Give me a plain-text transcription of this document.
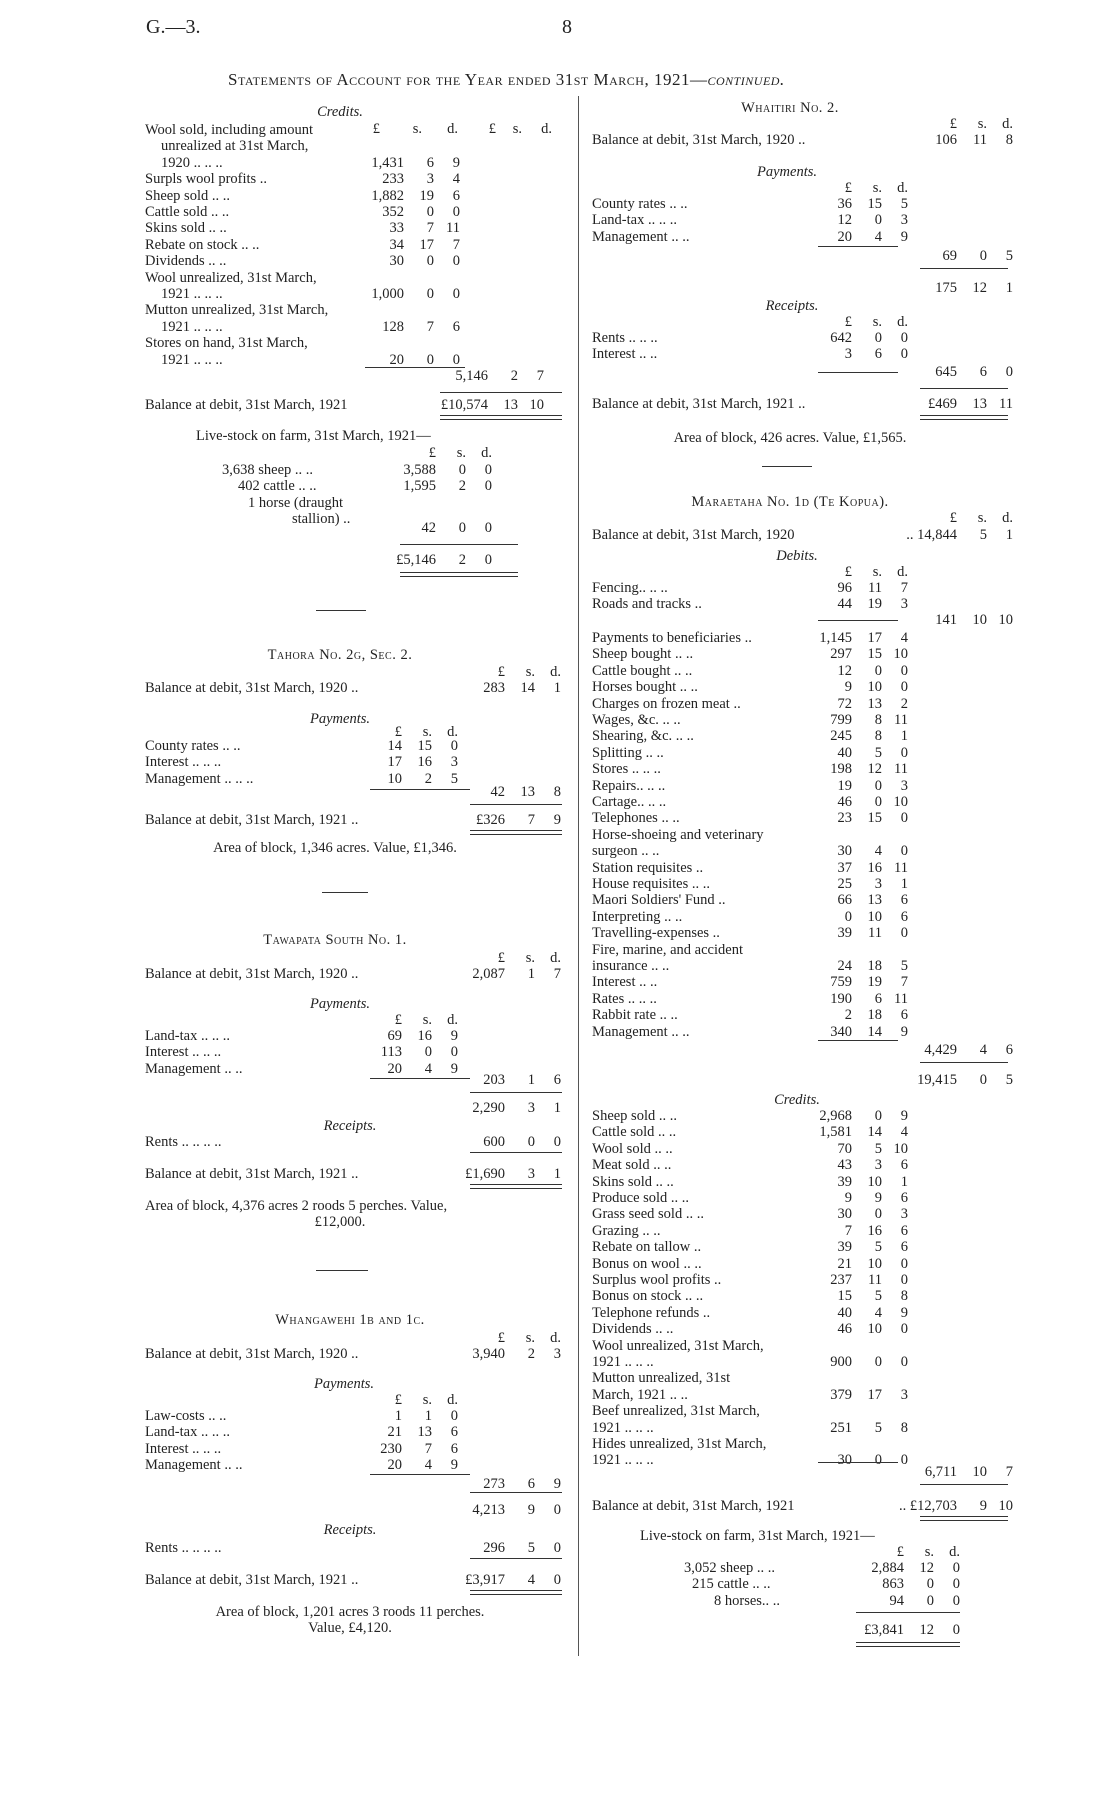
G.—3.	8
Statements of Account for the Year ended 31st March, 1921—continued.
Credits.
£	s.	d.	£	s.	d.
Wool sold, including amount
unrealized at 31st March,
1920 .. .. ..	1,431	6	9
Surpls wool profits ..	233	3	4
Sheep sold .. ..	1,882	19	6
Cattle sold .. ..	352	0	0
Skins sold .. ..	33	7 11
Rebate on stock .. ..	34	17	7
Dividends .. ..	30	0	0
Wool unrealized, 31st March,
1921 .. .. ..	1,000	0	0
Mutton unrealized, 31st March,
1921 .. .. ..	128	7	6
Stores on hand, 31st March,
1921 .. .. ..	20	0	0
5,146	2	7
Balance at debit, 31st March, 1921	£10,574	13 10
Live-stock on farm, 31st March, 1921—
£	s.	d.
3,638 sheep .. ..	3,588	0	0
402 cattle .. ..	1,595	2	0
1 horse (draught
stallion) ..
42	0	0
£5,146	2	0
Tahora No. 2g, Sec. 2.
£	s.	d.
Balance at debit, 31st March, 1920 ..	283	14	1
Payments.
£	s.	d.
County rates .. ..	14	15	0
Interest .. .. ..	17	16	3
Management .. .. ..	10	2	5
42	13	8
Balance at debit, 31st March, 1921 ..	£326	7	9
Area of block, 1,346 acres. Value, £1,346.
Tawapata South No. 1.
£	s.	d.
Balance at debit, 31st March, 1920 ..	2,087	1	7
Payments.
£	s.	d.
Land-tax .. .. ..	69	16	9
Interest .. .. ..	113	0	0
Management .. ..	20	4	9
203	1	6
2,290	3	1
Receipts.
Rents .. .. .. ..	600	0	0
Balance at debit, 31st March, 1921 ..	£1,690	3	1
Area of block, 4,376 acres 2 roods 5 perches. Value,
£12,000.
Whangawehi 1b and 1c.
£	s.	d.
Balance at debit, 31st March, 1920 ..	3,940	2	3
Payments.
£	s.	d.
Law-costs .. ..	1	1	0
Land-tax .. .. ..	21	13	6
Interest .. .. ..	230	7	6
Management .. ..	20	4	9
273	6	9
4,213	9	0
Receipts.
Rents .. .. .. ..	296	5	0
Balance at debit, 31st March, 1921 ..	£3,917	4	0
Area of block, 1,201 acres 3 roods 11 perches.
Value, £4,120.
Whaitiri No. 2.
£	s.	d.
Balance at debit, 31st March, 1920 ..	106	11	8
Payments.
£	s.	d.
County rates .. ..	36	15	5
Land-tax .. .. ..	12	0	3
Management .. ..	20	4	9
69	0	5
175	12	1
Receipts.
£	s.	d.
Rents .. .. ..	642	0	0
Interest .. ..	3	6	0
645	6	0
Balance at debit, 31st March, 1921 ..	£469	13 11
Area of block, 426 acres. Value, £1,565.
Maraetaha No. 1d (Te Kopua).
£	s.	d.
Balance at debit, 31st March, 1920	.. 14,844	5	1
Debits.
£	s.	d.
Fencing.. .. ..	96	11	7
Roads and tracks ..	44	19	3
141	10 10
Payments to beneficiaries ..	1,145	17	4
Sheep bought .. ..	297	15 10
Cattle bought .. ..	12	0	0
Horses bought .. ..	9	10	0
Charges on frozen meat ..	72	13	2
Wages, &c. .. ..	799	8 11
Shearing, &c. .. ..	245	8	1
Splitting .. ..	40	5	0
Stores .. .. ..	198	12 11
Repairs.. .. ..	19	0	3
Cartage.. .. ..	46	0 10
Telephones .. ..	23	15	0
Horse-shoeing and veterinary
surgeon .. ..	30	4	0
Station requisites ..	37	16 11
House requisites .. ..	25	3	1
Maori Soldiers' Fund ..	66	13	6
Interpreting .. ..	0	10	6
Travelling-expenses ..	39	11	0
Fire, marine, and accident
insurance .. ..	24	18	5
Interest .. ..	759	19	7
Rates .. .. ..	190	6 11
Rabbit rate .. ..	2	18	6
Management .. ..	340	14	9
4,429	4	6
19,415	0	5
Credits.
Sheep sold .. ..	2,968	0	9
Cattle sold .. ..	1,581	14	4
Wool sold .. ..	70	5 10
Meat sold .. ..	43	3	6
Skins sold .. ..	39	10	1
Produce sold .. ..	9	9	6
Grass seed sold .. ..	30	0	3
Grazing .. ..	7	16	6
Rebate on tallow ..	39	5	6
Bonus on wool .. ..	21	10	0
Surplus wool profits ..	237	11	0
Bonus on stock .. ..	15	5	8
Telephone refunds ..	40	4	9
Dividends .. ..	46	10	0
Wool unrealized, 31st March,
1921 .. .. ..	900	0	0
Mutton unrealized, 31st
March, 1921 .. ..	379	17	3
Beef unrealized, 31st March,
1921 .. .. ..	251	5	8
Hides unrealized, 31st March,
1921 .. .. ..	30	0	0
6,711	10	7
Balance at debit, 31st March, 1921	.. £12,703	9 10
Live-stock on farm, 31st March, 1921—
£	s.	d.
3,052 sheep .. ..	2,884	12	0
215 cattle .. ..	863	0	0
8 horses.. ..	94	0	0
£3,841	12	0
